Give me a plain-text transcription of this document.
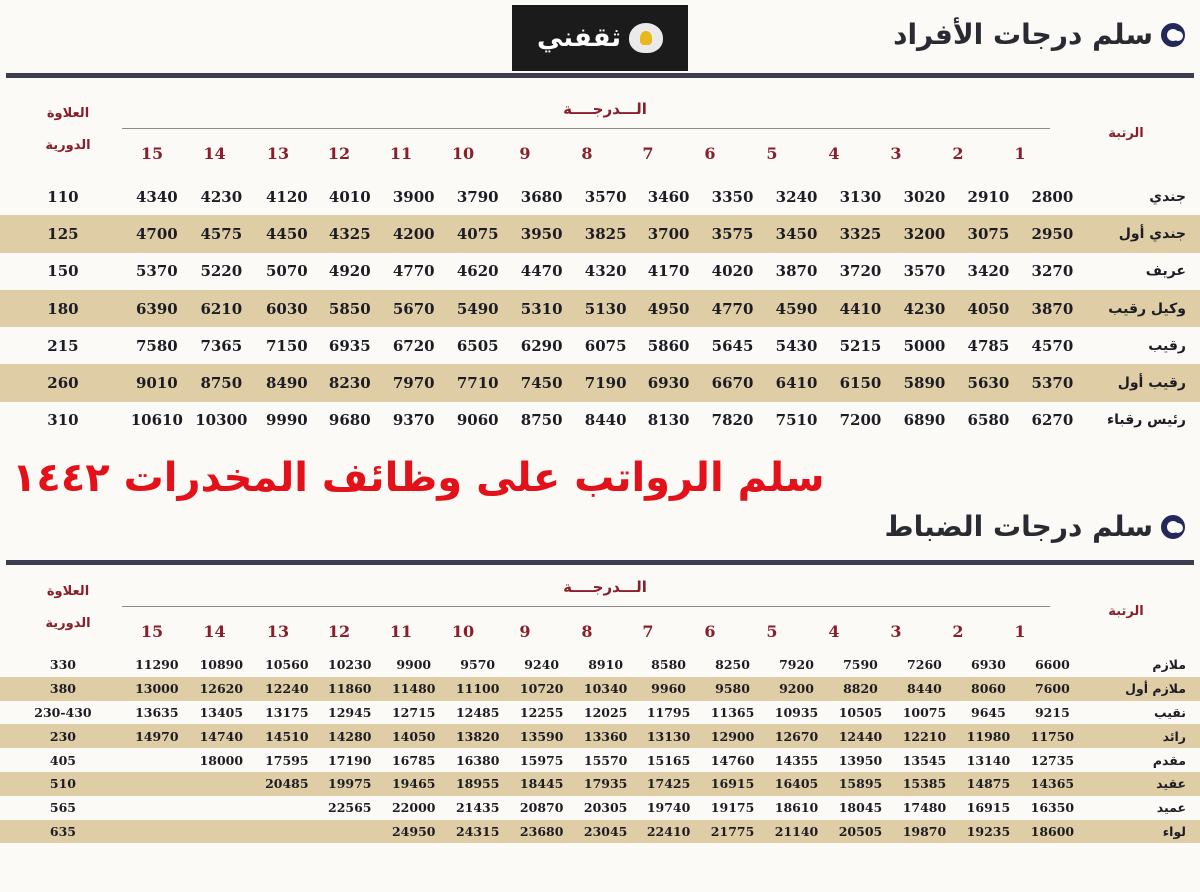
ثقفني	سلم درجات الأفراد
الـــدرجــــة
15	14	13	12	11	10	9	8	7	6	5	4	3	2	1
العلاوة
الدورية
الرتبة
110	4340	4230	4120	4010	3900	3790	3680	3570	3460	3350	3240	3130	3020	2910	2800	جندي
125	4700	4575	4450	4325	4200	4075	3950	3825	3700	3575	3450	3325	3200	3075	2950	جندي أول
150	5370	5220	5070	4920	4770	4620	4470	4320	4170	4020	3870	3720	3570	3420	3270	عريف
180	6390	6210	6030	5850	5670	5490	5310	5130	4950	4770	4590	4410	4230	4050	3870	وكيل رقيب
215	7580	7365	7150	6935	6720	6505	6290	6075	5860	5645	5430	5215	5000	4785	4570	رقيب
260	9010	8750	8490	8230	7970	7710	7450	7190	6930	6670	6410	6150	5890	5630	5370	رقيب أول
310	10610	10300	9990	9680	9370	9060	8750	8440	8130	7820	7510	7200	6890	6580	6270	رئيس رقباء
سلم الرواتب على وظائف المخدرات ١٤٤٢
سلم درجات الضباط
الـــدرجــــة
15	14	13	12	11	10	9	8	7	6	5	4	3	2	1
العلاوة
الدورية
الرتبة
330	11290	10890	10560	10230	9900	9570	9240	8910	8580	8250	7920	7590	7260	6930	6600	ملازم
380	13000	12620	12240	11860	11480	11100	10720	10340	9960	9580	9200	8820	8440	8060	7600	ملازم أول
230-430	13635	13405	13175	12945	12715	12485	12255	12025	11795	11365	10935	10505	10075	9645	9215	نقيب
230	14970	14740	14510	14280	14050	13820	13590	13360	13130	12900	12670	12440	12210	11980	11750	رائد
405		18000	17595	17190	16785	16380	15975	15570	15165	14760	14355	13950	13545	13140	12735	مقدم
510			20485	19975	19465	18955	18445	17935	17425	16915	16405	15895	15385	14875	14365	عقيد
565				22565	22000	21435	20870	20305	19740	19175	18610	18045	17480	16915	16350	عميد
635					24950	24315	23680	23045	22410	21775	21140	20505	19870	19235	18600	لواء
